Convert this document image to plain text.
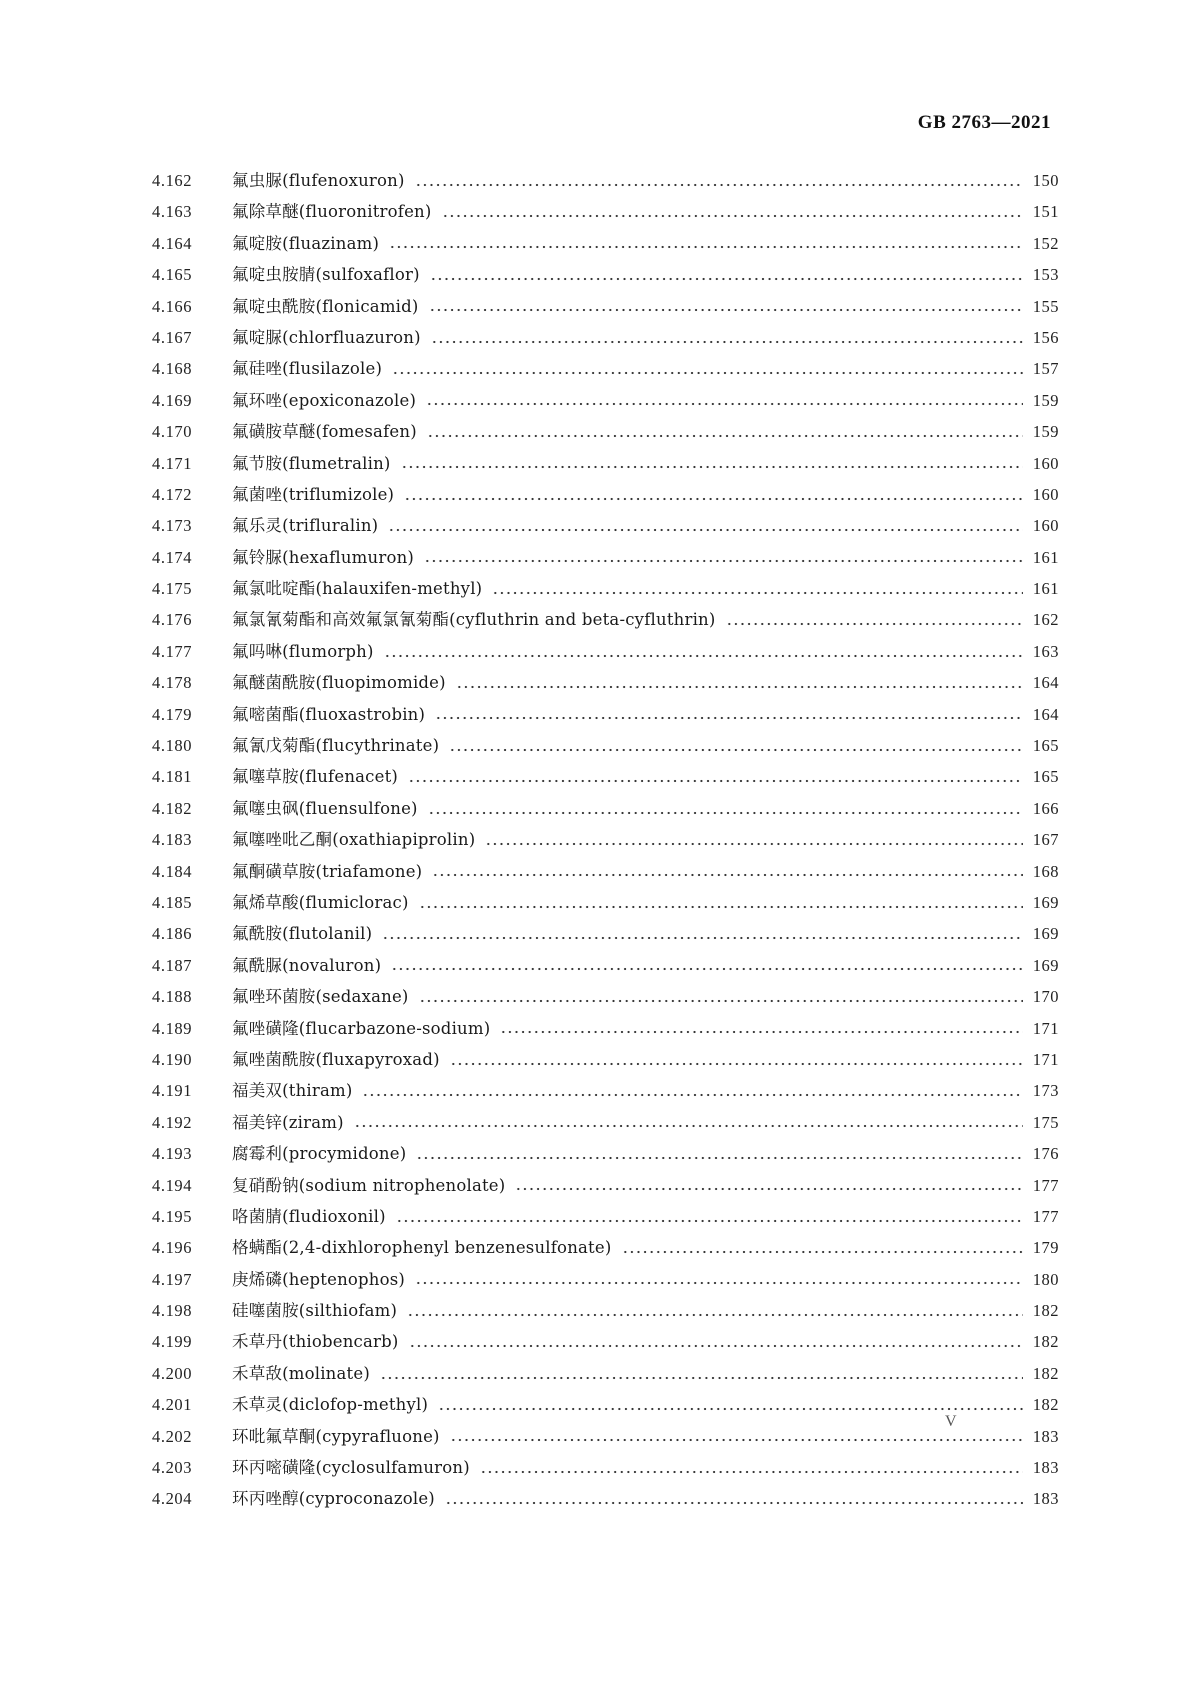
GB 2763—2021
4.162	氟虫脲(flufenoxuron)	150
4.163	氟除草醚(fluoronitrofen)	151
4.164	氟啶胺(fluazinam)	152
4.165	氟啶虫胺腈(sulfoxaflor)	153
4.166	氟啶虫酰胺(flonicamid)	155
4.167	氟啶脲(chlorfluazuron)	156
4.168	氟硅唑(flusilazole)	157
4.169	氟环唑(epoxiconazole)	159
4.170	氟磺胺草醚(fomesafen)	159
4.171	氟节胺(flumetralin)	160
4.172	氟菌唑(triflumizole)	160
4.173	氟乐灵(trifluralin)	160
4.174	氟铃脲(hexaflumuron)	161
4.175	氟氯吡啶酯(halauxifen-methyl)	161
4.176	氟氯氰菊酯和高效氟氯氰菊酯(cyfluthrin and beta-cyfluthrin)	162
4.177	氟吗啉(flumorph)	163
4.178	氟醚菌酰胺(fluopimomide)	164
4.179	氟嘧菌酯(fluoxastrobin)	164
4.180	氟氰戊菊酯(flucythrinate)	165
4.181	氟噻草胺(flufenacet)	165
4.182	氟噻虫砜(fluensulfone)	166
4.183	氟噻唑吡乙酮(oxathiapiprolin)	167
4.184	氟酮磺草胺(triafamone)	168
4.185	氟烯草酸(flumiclorac)	169
4.186	氟酰胺(flutolanil)	169
4.187	氟酰脲(novaluron)	169
4.188	氟唑环菌胺(sedaxane)	170
4.189	氟唑磺隆(flucarbazone-sodium)	171
4.190	氟唑菌酰胺(fluxapyroxad)	171
4.191	福美双(thiram)	173
4.192	福美锌(ziram)	175
4.193	腐霉利(procymidone)	176
4.194	复硝酚钠(sodium nitrophenolate)	177
4.195	咯菌腈(fludioxonil)	177
4.196	格螨酯(2,4-dixhlorophenyl benzenesulfonate)	179
4.197	庚烯磷(heptenophos)	180
4.198	硅噻菌胺(silthiofam)	182
4.199	禾草丹(thiobencarb)	182
4.200	禾草敌(molinate)	182
4.201	禾草灵(diclofop-methyl)	182
4.202	环吡氟草酮(cypyrafluone)	183
4.203	环丙嘧磺隆(cyclosulfamuron)	183
4.204	环丙唑醇(cyproconazole)	183
V
